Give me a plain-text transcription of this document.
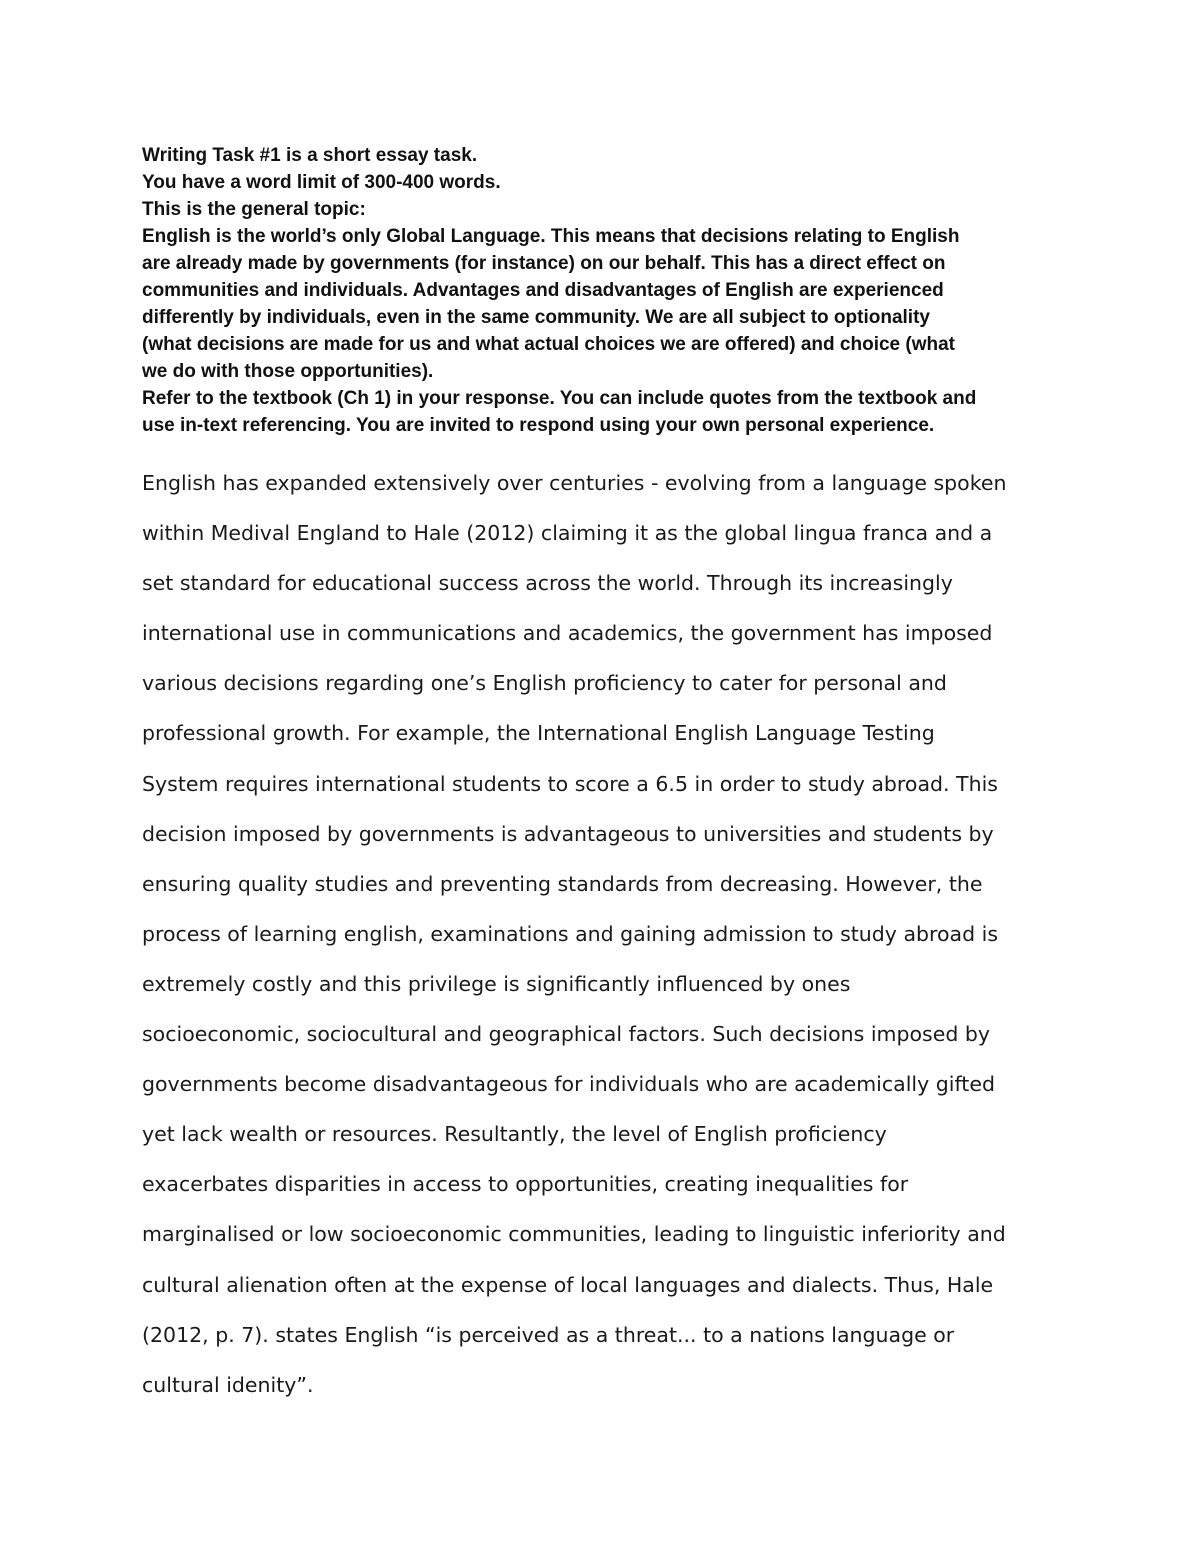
Writing Task #1 is a short essay task.
You have a word limit of 300-400 words.
This is the general topic:
English is the world’s only Global Language. This means that decisions relating to English
are already made by governments (for instance) on our behalf. This has a direct effect on
communities and individuals. Advantages and disadvantages of English are experienced
differently by individuals, even in the same community. We are all subject to optionality
(what decisions are made for us and what actual choices we are offered) and choice (what
we do with those opportunities).
Refer to the textbook (Ch 1) in your response. You can include quotes from the textbook and
use in-text referencing. You are invited to respond using your own personal experience.
English has expanded extensively over centuries - evolving from a language spoken
within Medival England to Hale (2012) claiming it as the global lingua franca and a
set standard for educational success across the world. Through its increasingly
international use in communications and academics, the government has imposed
various decisions regarding one’s English proficiency to cater for personal and
professional growth. For example, the International English Language Testing
System requires international students to score a 6.5 in order to study abroad. This
decision imposed by governments is advantageous to universities and students by
ensuring quality studies and preventing standards from decreasing. However, the
process of learning english, examinations and gaining admission to study abroad is
extremely costly and this privilege is significantly influenced by ones
socioeconomic, sociocultural and geographical factors. Such decisions imposed by
governments become disadvantageous for individuals who are academically gifted
yet lack wealth or resources. Resultantly, the level of English proficiency
exacerbates disparities in access to opportunities, creating inequalities for
marginalised or low socioeconomic communities, leading to linguistic inferiority and
cultural alienation often at the expense of local languages and dialects. Thus, Hale
(2012, p. 7). states English “is perceived as a threat... to a nations language or
cultural idenity”.
